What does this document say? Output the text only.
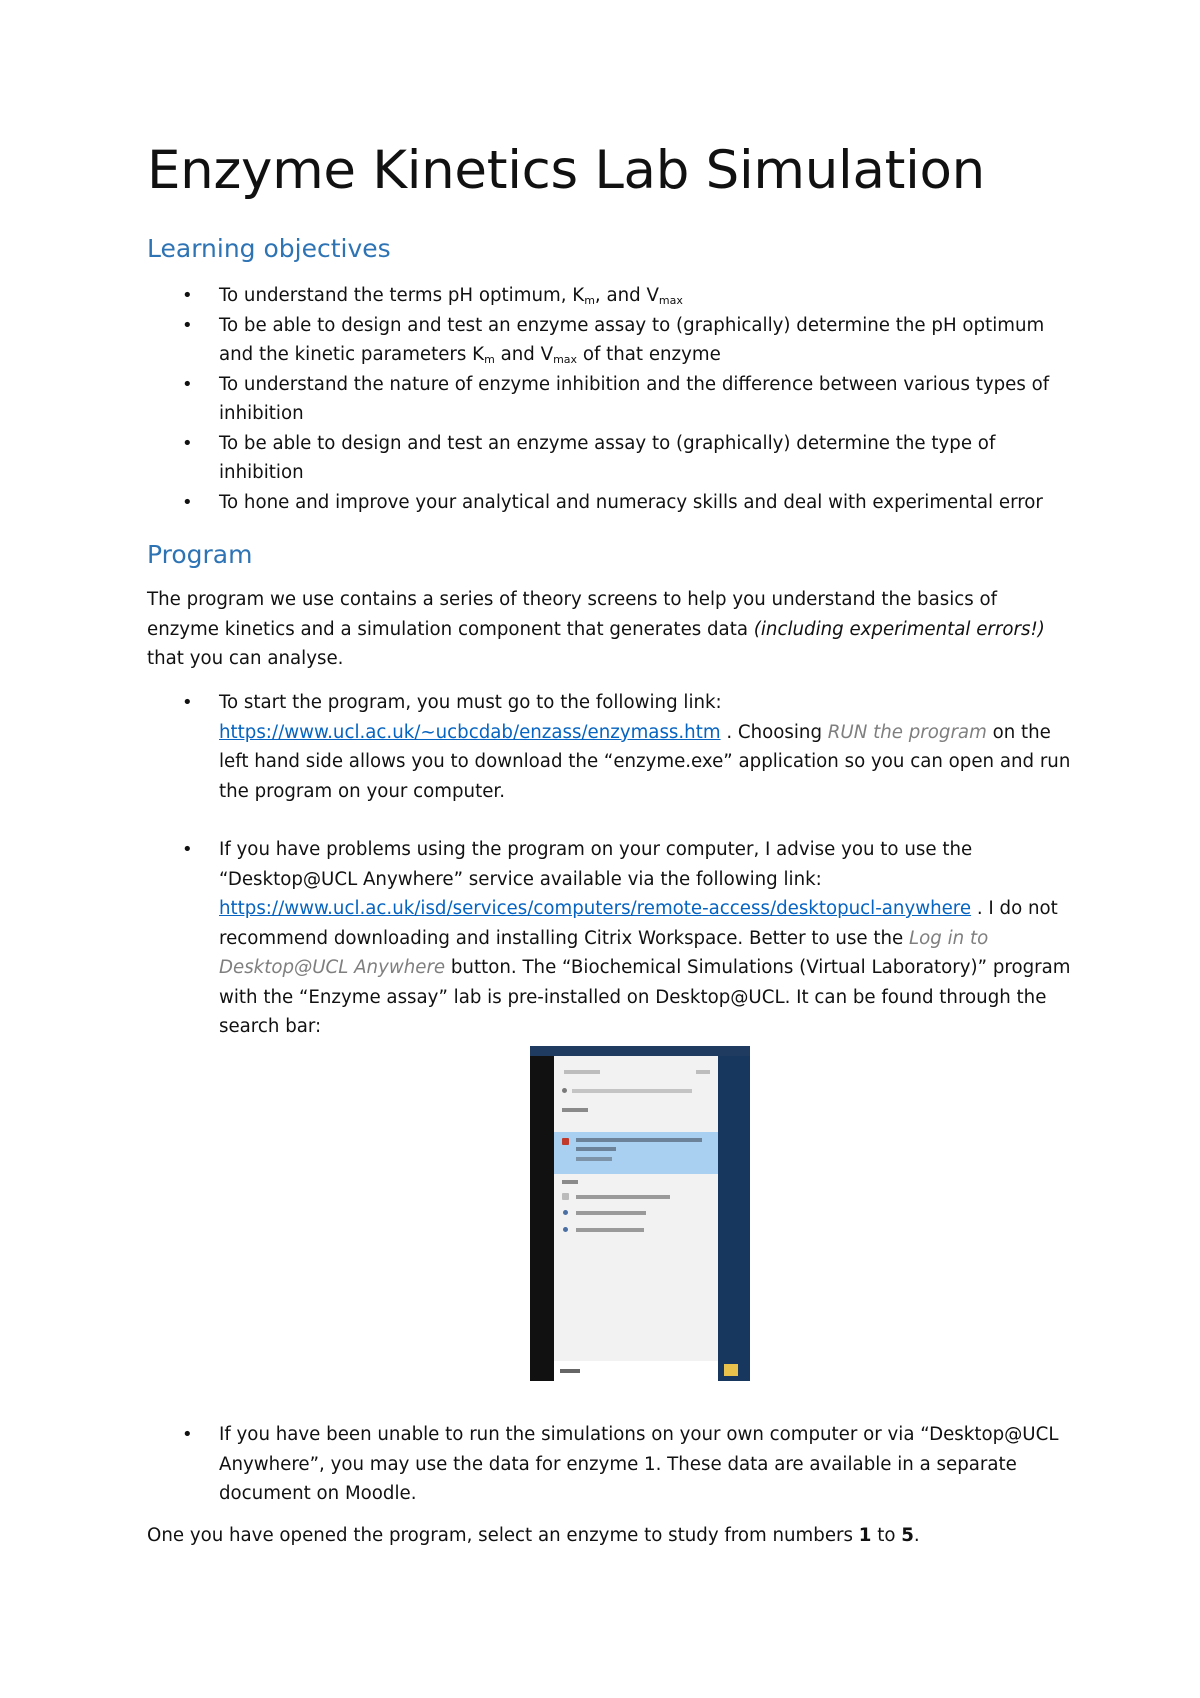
Enzyme Kinetics Lab Simulation
Learning objectives
• To understand the terms pH optimum, $K_m$, and $V_{max}$
• To be able to design and test an enzyme assay to (graphically) determine the pH optimum and the kinetic parameters $K_m$ and $V_{max}$ of that enzyme
• To understand the nature of enzyme inhibition and the difference between various types of inhibition
• To be able to design and test an enzyme assay to (graphically) determine the type of inhibition
• To hone and improve your analytical and numeracy skills and deal with experimental error
Program

The program we use contains a series of theory screens to help you understand the basics of enzyme kinetics and a simulation component that generates data (including experimental errors!) that you can analyse.

• To start the program, you must go to the following link: https://www.ucl.ac.uk/~ucbcdab/enzass/enzymass.htm . Choosing RUN the program on the left hand side allows you to download the “enzyme.exe” application so you can open and run the program on your computer.
• If you have problems using the program on your computer, I advise you to use the “Desktop@UCL Anywhere” service available via the following link: https://www.ucl.ac.uk/isd/services/computers/remote-access/desktopucl-anywhere . I do not recommend downloading and installing Citrix Workspace. Better to use the Log in to Desktop@UCL Anywhere button. The “Biochemical Simulations (Virtual Laboratory)” program with the “Enzyme assay” lab is pre-installed on Desktop@UCL. It can be found through the search bar:
• If you have been unable to run the simulations on your own computer or via “Desktop@UCL Anywhere”, you may use the data for enzyme 1. These data are available in a separate document on Moodle.

One you have opened the program, select an enzyme to study from numbers 1 to 5.
